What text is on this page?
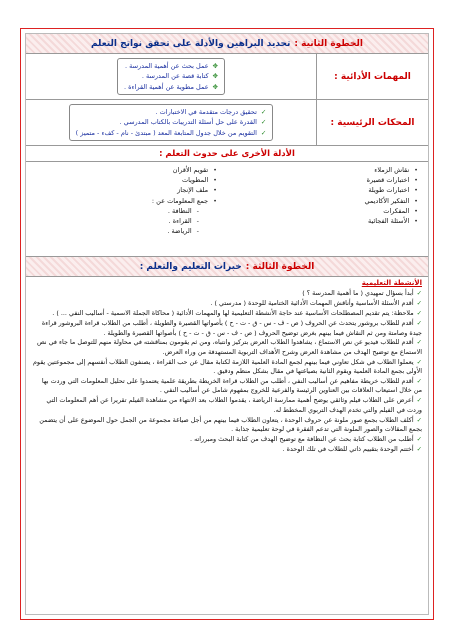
الخطوة الثانية :
تحديد البراهين والأدلة على تحقق نواتج التعلم
المهمات الأدائية :
✥عمل بحث عن أهمية المدرسة .
✥كتابة قصة عن المدرسة .
✥عمل مطوية عن أهمية القراءة .
المحكات الرئيسية :
✓تحقيق درجات متقدمة في الاختبارات .
✓القدرة على حل أسئلة التدريبات بالكتاب المدرسي .
✓التقويم من خلال جدول المتابعة المعد ( مبتدئ - نام - كفء - متميز )
الأدلة الأخرى على حدوث التعلم :
• نقاش الزملاء
• اختبارات قصيرة
• اختبارات طويلة
• التفكير الأكاديمي
• المفكرات
• الأسئلة الفجائية
• تقويم الأقران
• المطويات
• ملف الإنجاز
• جمع المعلومات عن :
- النظافة .
- القراءة .
- الرياضة .
الخطوة الثالثة :
خبرات التعليم والتعلم :
الأنشطة التعليمية
✓أبدأ بسؤال تمهيدي ( ما أهمية المدرسة ؟ )
✓أقدم الأسئلة الأساسية وأناقش المهمات الأدائية الختامية للوحدة ( مدرستي ) .
✓ملاحظة: يتم تقديم المصطلحات الأساسية عند حاجة الأنشطة التعليمية لها والمهمات الأدائية ( محاكاة الجملة الاسمية - أساليب النفي ... ) .
✓أقدم للطلاب بروشور يتحدث عن الحروف ( ص - ف - س - ق - ت - ح ) بأصواتها القصيرة والطويلة ، أطلب من الطلاب قراءة البروشور قراءة جيدة وصامتة ومن ثم النقاش فيما بينهم بغرض توضيح الحروف ( ص - ف - س - ق - ت - ح ) بأصواتها القصيرة والطويلة .
✓أقدم للطلاب فيديو عن نص الاستماع ، يشاهدوا الطلاب العرض بتركيز وانتباه، ومن ثم يقومون بمناقشته في محاولة منهم للتوصل ما جاء في نص الاستماع مع توضيح الهدف من مشاهدة العرض وشرح الأهداف التربوية المستهدفة من وراء العرض.
✓يعملوا الطلاب في شكل تعاوني فيما بينهم لجمع المادة العلمية اللازمة لكتابة مقال عن حب القراءة ، يصنفون الطلاب أنفسهم إلى مجموعتين يقوم الأولى بجمع المادة العلمية ويقوم الثانية بصياغتها في مقال بشكل منظم ودقيق .
✓أقدم للطلاب خريطة مفاهيم عن أساليب النفي ، أطلب من الطلاب قراءة الخريطة بطريقة علمية يعتمدوا على تحليل المعلومات التي وردت بها من خلال استيعاب العلاقات بين العناوين الرئيسة والفرعية للخروج بمفهوم شامل عن أساليب النفي .
✓أعرض على الطلاب فيلم وثائقي يوضح أهمية ممارسة الرياضة ، يقدموا الطلاب بعد الانتهاء من مشاهدة الفيلم تقريرا عن أهم المعلومات التي وردت في الفيلم والتي تخدم الهدف التربوي المخطط له.
✓أكلف الطلاب بجمع صور ملونة عن حروف الوحدة ، يتعاون الطلاب فيما بينهم من أجل صياغة مجموعة من الجمل حول الموضوع على أن يتضمن بجمع المقالات والصور الملونة التي تدعم الفقرة في لوحة تعليمية جذابة .
✓أطلب من الطلاب كتابة بحث عن النظافة مع توضيح الهدف من كتابة البحث ومبرراته .
✓أختتم الوحدة بتقييم ذاتي للطلاب في تلك الوحدة .
